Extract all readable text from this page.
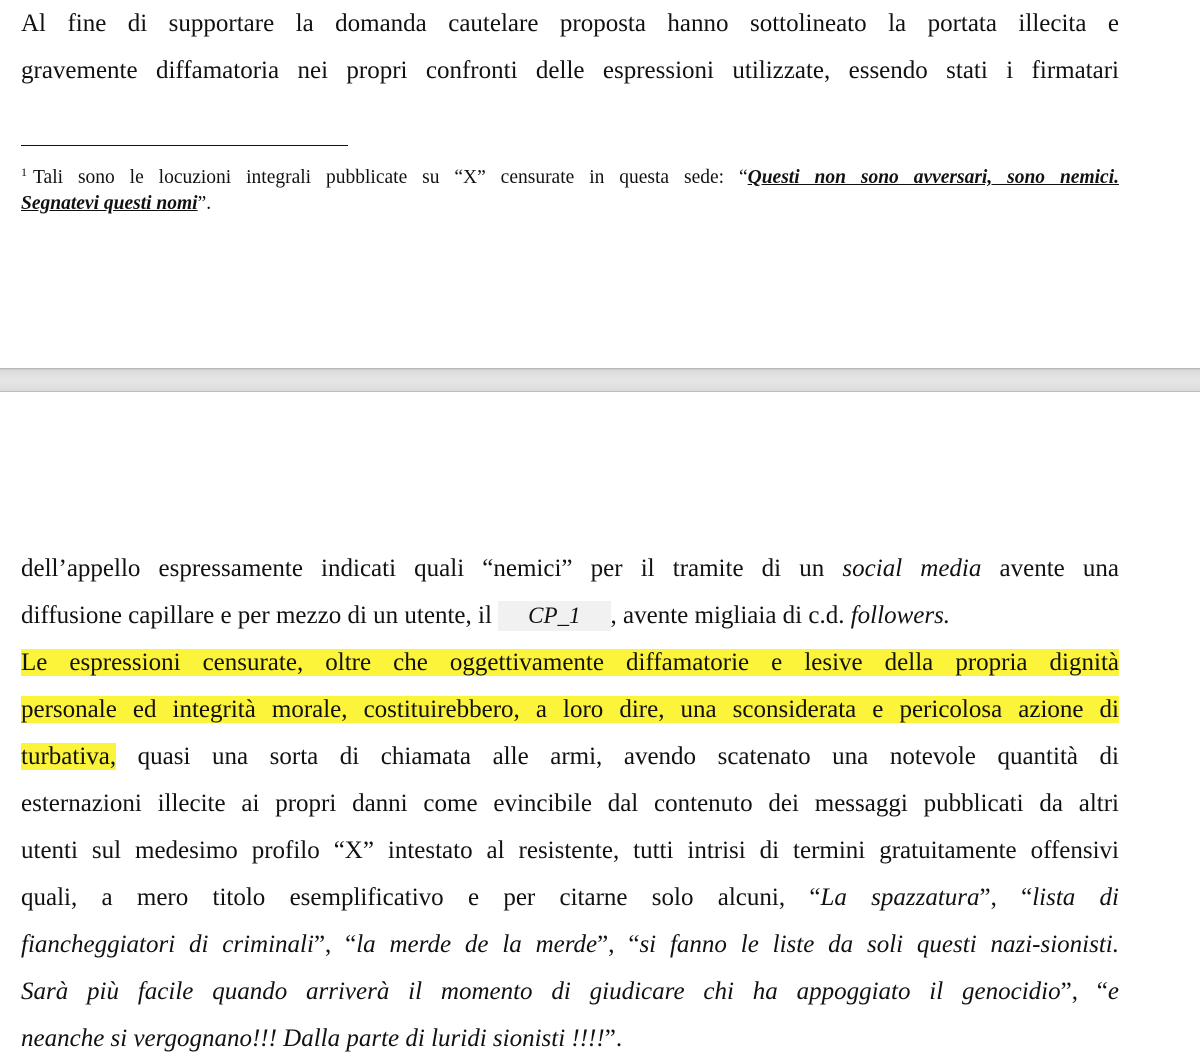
Al fine di supportare la domanda cautelare proposta hanno sottolineato la portata illecita e
gravemente diffamatoria nei propri confronti delle espressioni utilizzate, essendo stati i firmatari

$^1$ Tali sono le locuzioni integrali pubblicate su “X” censurate in questa sede: “Questi non sono avversari, sono nemici.
Segnatevi questi nomi”.

dell’appello espressamente indicati quali “nemici” per il tramite di un social media avente una
diffusione capillare e per mezzo di un utente, il CP_1 , avente migliaia di c.d. followers.
Le espressioni censurate, oltre che oggettivamente diffamatorie e lesive della propria dignità
personale ed integrità morale, costituirebbero, a loro dire, una sconsiderata e pericolosa azione di
turbativa, quasi una sorta di chiamata alle armi, avendo scatenato una notevole quantità di
esternazioni illecite ai propri danni come evincibile dal contenuto dei messaggi pubblicati da altri
utenti sul medesimo profilo “X” intestato al resistente, tutti intrisi di termini gratuitamente offensivi
quali, a mero titolo esemplificativo e per citarne solo alcuni, “La spazzatura”, “lista di
fiancheggiatori di criminali”, “la merde de la merde”, “si fanno le liste da soli questi nazi-sionisti.
Sarà più facile quando arriverà il momento di giudicare chi ha appoggiato il genocidio”, “e
neanche si vergognano!!! Dalla parte di luridi sionisti !!!!”.
